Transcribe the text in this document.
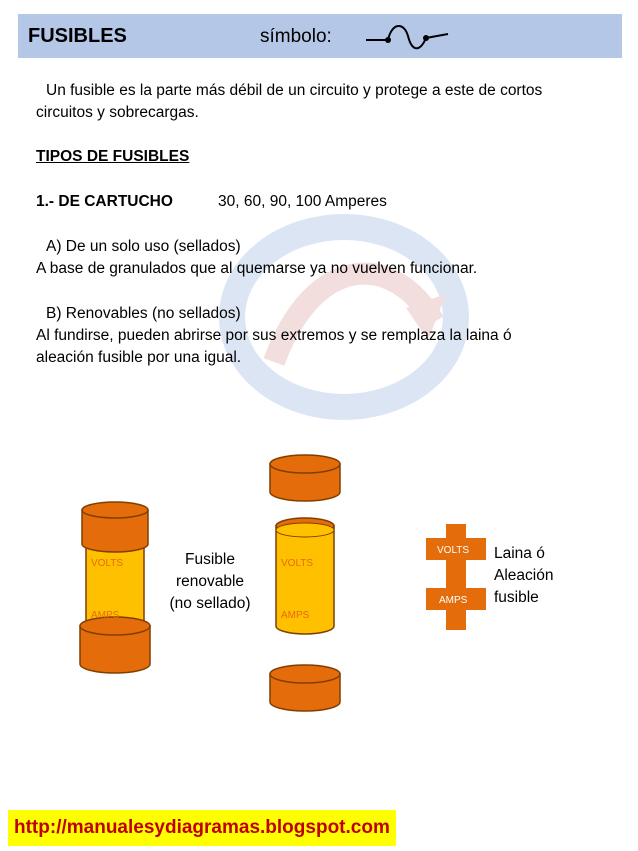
FUSIBLES	símbolo:
Un fusible es la parte más débil de un circuito y protege a este de cortos
circuitos y sobrecargas.
TIPOS DE FUSIBLES
1.- DE CARTUCHO	30, 60, 90, 100 Amperes
A) De un solo uso (sellados)
A base de granulados que al quemarse ya no vuelven funcionar.
B) Renovables (no sellados)
Al fundirse, pueden abrirse por sus extremos y se remplaza la laina ó
aleación fusible por una igual.
VOLTS
AMPS
VOLTS
AMPS
VOLTS
AMPS
Fusible
renovable
(no sellado)
Laina ó
Aleación
fusible
http://manualesydiagramas.blogspot.com
